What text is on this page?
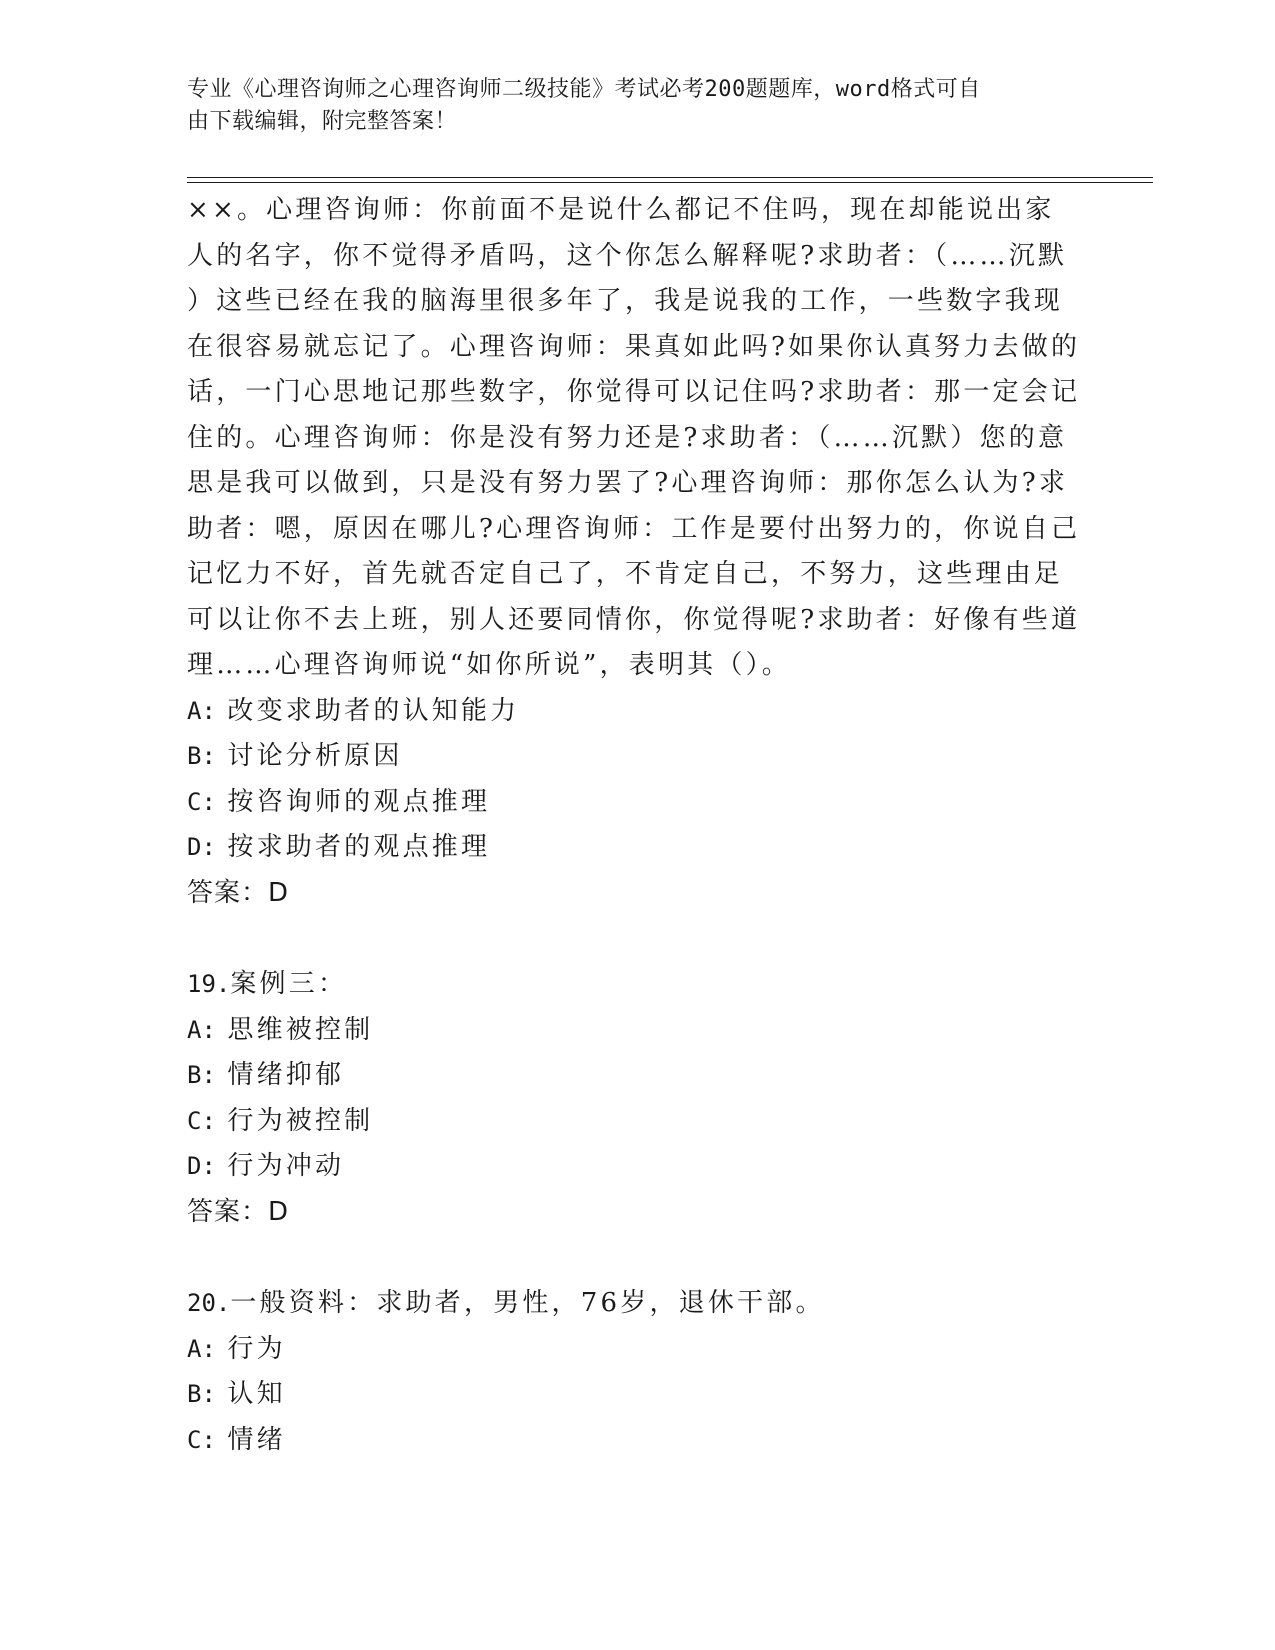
专业《心理咨询师之心理咨询师二级技能》考试必考200题题库，word格式可自
由下载编辑，附完整答案！
××。心理咨询师：你前面不是说什么都记不住吗，现在却能说出家
人的名字，你不觉得矛盾吗，这个你怎么解释呢?求助者：（……沉默
）这些已经在我的脑海里很多年了，我是说我的工作，一些数字我现
在很容易就忘记了。心理咨询师：果真如此吗?如果你认真努力去做的
话，一门心思地记那些数字，你觉得可以记住吗?求助者：那一定会记
住的。心理咨询师：你是没有努力还是?求助者：（……沉默）您的意
思是我可以做到，只是没有努力罢了?心理咨询师：那你怎么认为?求
助者：嗯，原因在哪儿?心理咨询师：工作是要付出努力的，你说自己
记忆力不好，首先就否定自己了，不肯定自己，不努力，这些理由足
可以让你不去上班，别人还要同情你，你觉得呢?求助者：好像有些道
理……心理咨询师说“如你所说”，表明其（）。
A: 改变求助者的认知能力
B: 讨论分析原因
C: 按咨询师的观点推理
D: 按求助者的观点推理
答案：D
19.案例三：
A: 思维被控制
B: 情绪抑郁
C: 行为被控制
D: 行为冲动
答案：D
20.一般资料：求助者，男性，76岁，退休干部。
A: 行为
B: 认知
C: 情绪
